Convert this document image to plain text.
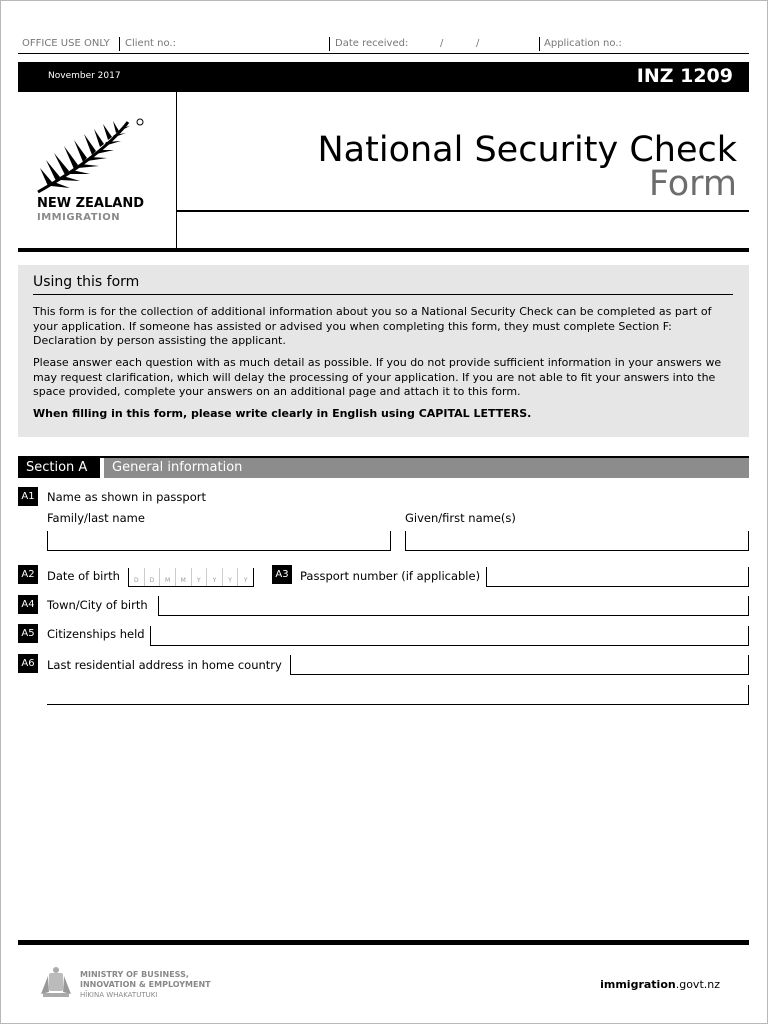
OFFICE USE ONLY Client no.:	Date received:	/	/	Application no.:
November 2017	INZ 1209
NEW ZEALAND
IMMIGRATION
National Security Check
Form
Using this form

This form is for the collection of additional information about you so a National Security Check can be completed as part of your application. If someone has assisted or advised you when completing this form, they must complete Section F: Declaration by person assisting the applicant.

Please answer each question with as much detail as possible. If you do not provide sufficient information in your answers we may request clarification, which will delay the processing of your application. If you are not able to fit your answers into the space provided, complete your answers on an additional page and attach it to this form.

When filling in this form, please write clearly in English using CAPITAL LETTERS.

Section A	General information
A1 Name as shown in passport
Family/last name	Given/first name(s)
A2 Date of birth	D	D	M	M	Y	Y	Y	Y
A3 Passport number (if applicable)
A4 Town/City of birth
A5 Citizenships held
A6 Last residential address in home country
MINISTRY OF BUSINESS,
INNOVATION & EMPLOYMENT
HĪKINA WHAKATUTUKI
immigration.govt.nz
